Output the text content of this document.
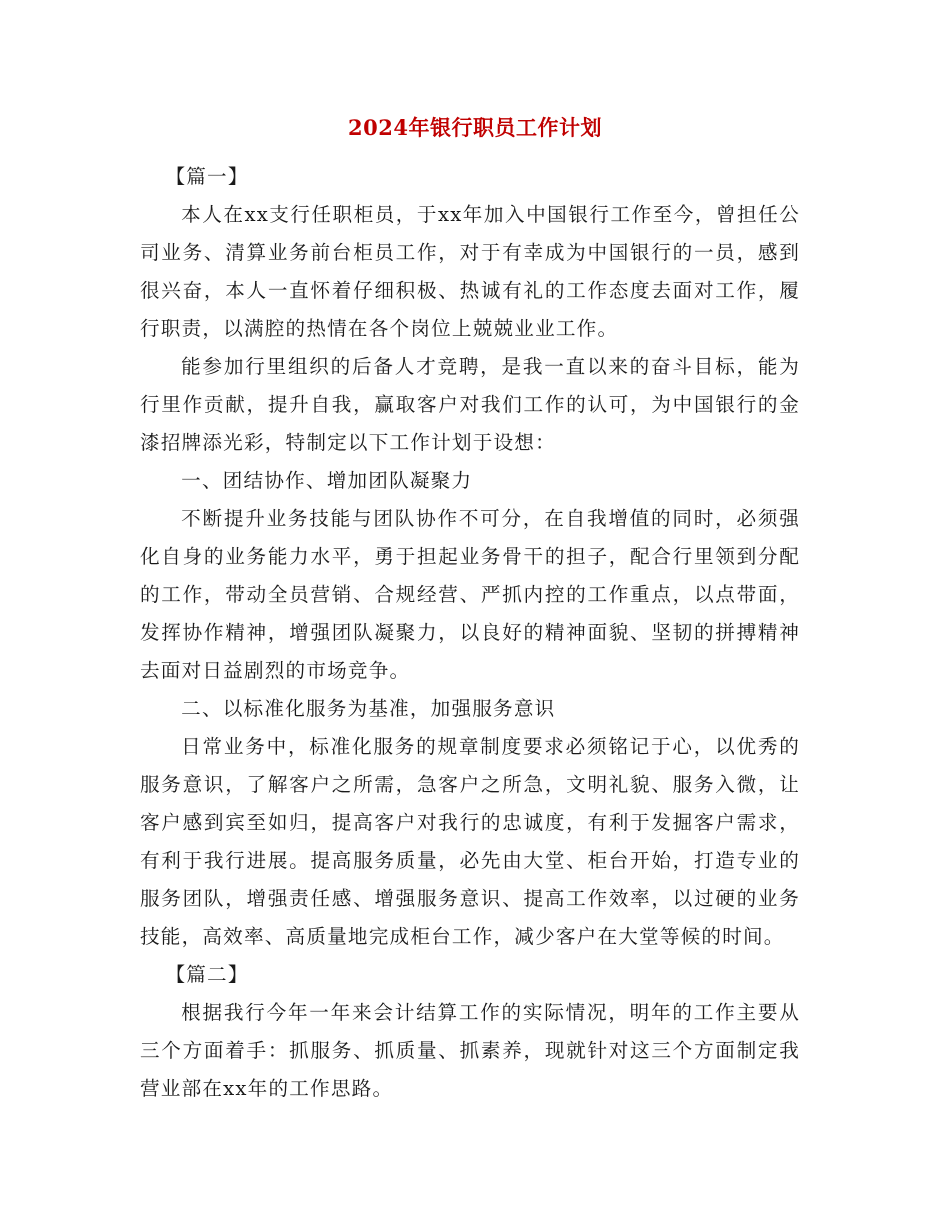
2024年银行职员工作计划

【篇一】

本人在xx支行任职柜员，于xx年加入中国银行工作至今，曾担任公司业务、清算业务前台柜员工作，对于有幸成为中国银行的一员，感到很兴奋，本人一直怀着仔细积极、热诚有礼的工作态度去面对工作，履行职责，以满腔的热情在各个岗位上兢兢业业工作。

能参加行里组织的后备人才竞聘，是我一直以来的奋斗目标，能为行里作贡献，提升自我，赢取客户对我们工作的认可，为中国银行的金漆招牌添光彩，特制定以下工作计划于设想：

一、团结协作、增加团队凝聚力

不断提升业务技能与团队协作不可分，在自我增值的同时，必须强化自身的业务能力水平，勇于担起业务骨干的担子，配合行里领到分配的工作，带动全员营销、合规经营、严抓内控的工作重点，以点带面，发挥协作精神，增强团队凝聚力，以良好的精神面貌、坚韧的拼搏精神去面对日益剧烈的市场竞争。

二、以标准化服务为基准，加强服务意识

日常业务中，标准化服务的规章制度要求必须铭记于心，以优秀的服务意识，了解客户之所需，急客户之所急，文明礼貌、服务入微，让客户感到宾至如归，提高客户对我行的忠诚度，有利于发掘客户需求，有利于我行进展。提高服务质量，必先由大堂、柜台开始，打造专业的服务团队，增强责任感、增强服务意识、提高工作效率，以过硬的业务技能，高效率、高质量地完成柜台工作，减少客户在大堂等候的时间。

【篇二】

根据我行今年一年来会计结算工作的实际情况，明年的工作主要从三个方面着手：抓服务、抓质量、抓素养，现就针对这三个方面制定我营业部在xx年的工作思路。
